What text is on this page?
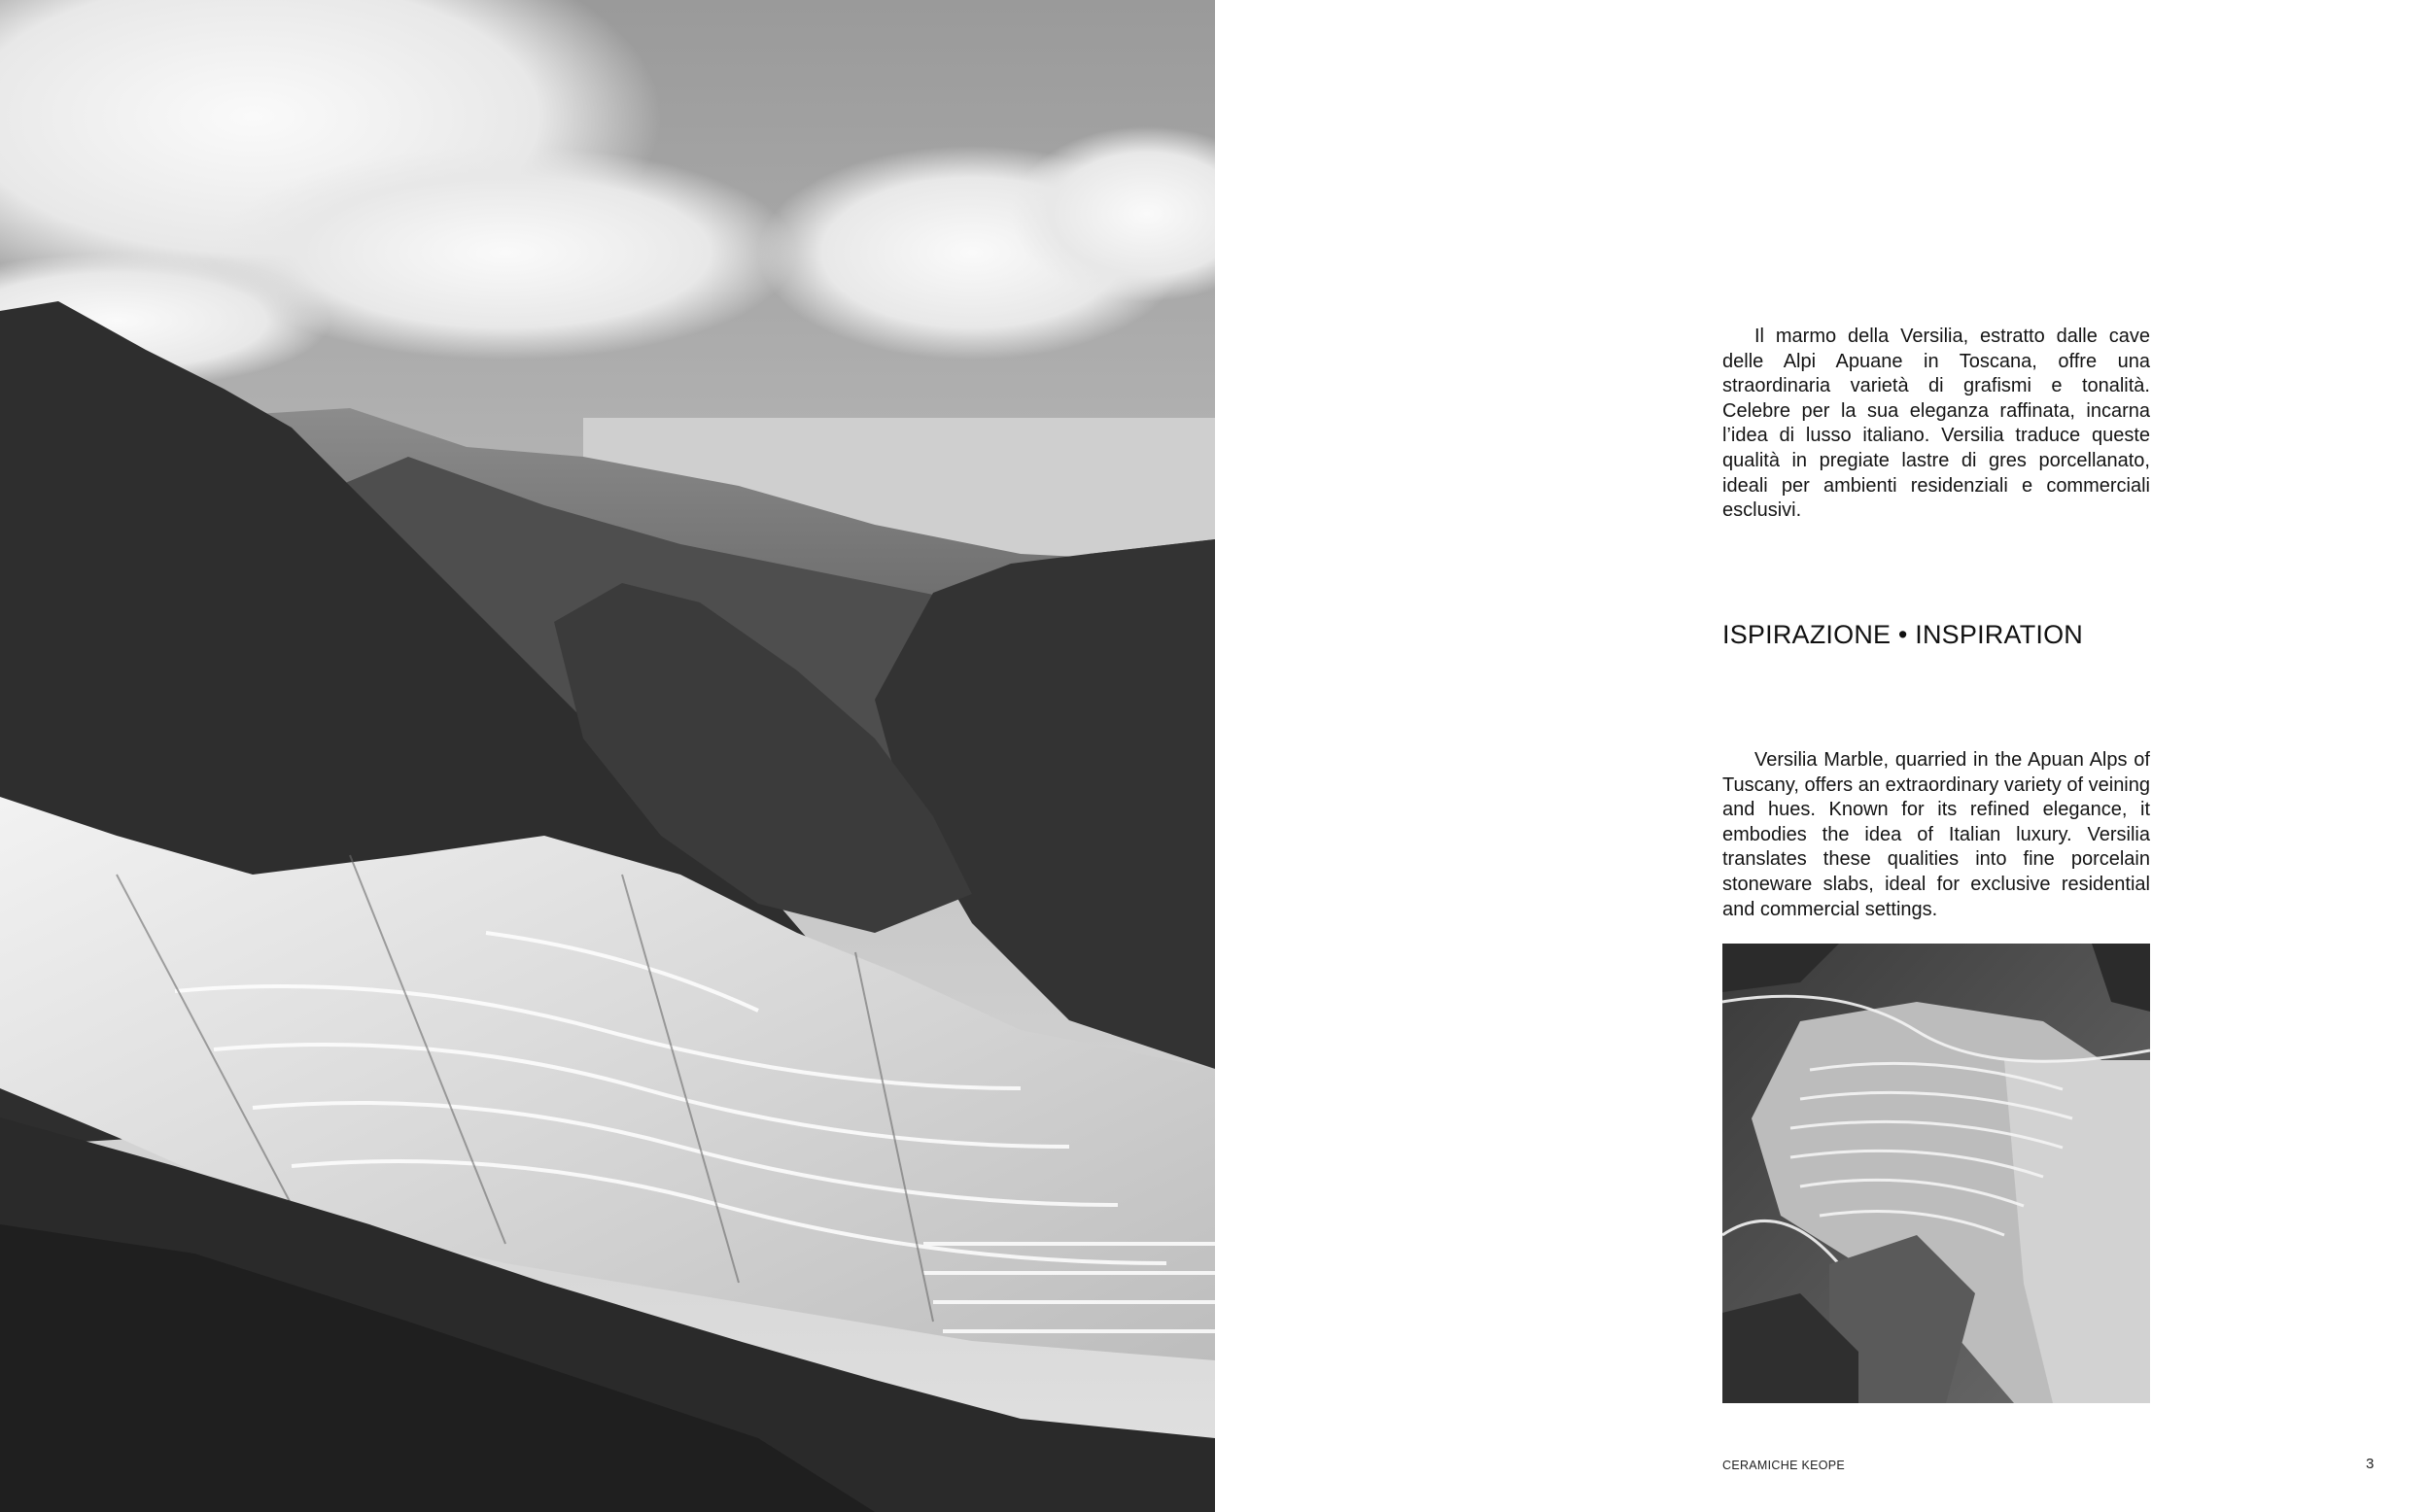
Il marmo della Versilia, estratto dalle cave delle Alpi Apuane in Toscana, offre una straordinaria varietà di grafismi e tonalità. Celebre per la sua eleganza raffinata, incarna l’idea di lusso italiano. Versilia traduce queste qualità in pregiate lastre di gres porcellanato, ideali per ambienti residenziali e commerciali esclusivi.

ISPIRAZIONE • INSPIRATION

Versilia Marble, quarried in the Apuan Alps of Tuscany, offers an extraordinary variety of veining and hues. Known for its refined elegance, it embodies the idea of Italian luxury. Versilia translates these qualities into fine porcelain stoneware slabs, ideal for exclusive residential and commercial settings.

CERAMICHE KEOPE	3
